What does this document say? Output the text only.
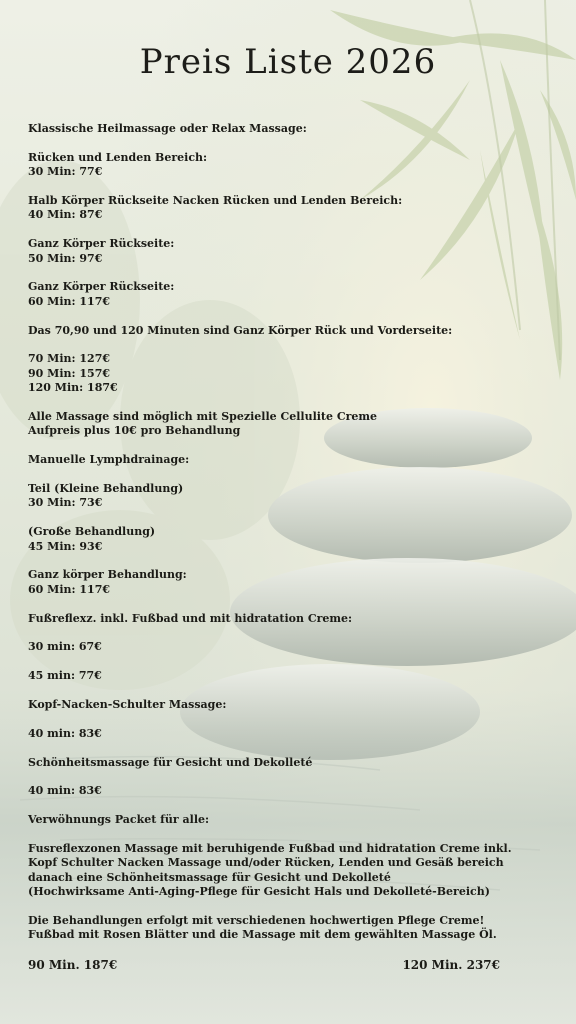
Preis Liste 2026
Klassische Heilmassage oder Relax Massage:
Rücken und Lenden Bereich:
30 Min: 77€
Halb Körper Rückseite Nacken Rücken und Lenden Bereich:
40 Min: 87€
Ganz Körper Rückseite:
50 Min: 97€
Ganz Körper Rückseite:
60 Min: 117€
Das 70,90 und 120 Minuten sind Ganz Körper Rück und Vorderseite:
70 Min: 127€
90 Min: 157€
120 Min: 187€
Alle Massage sind möglich mit Spezielle Cellulite Creme
Aufpreis plus 10€ pro Behandlung
Manuelle Lymphdrainage:
Teil (Kleine Behandlung)
30 Min: 73€
(Große Behandlung)
45 Min: 93€
Ganz körper Behandlung:
60 Min: 117€
Fußreflexz. inkl. Fußbad und mit hidratation Creme:
30 min: 67€
45 min: 77€
Kopf-Nacken-Schulter Massage:
40 min: 83€
Schönheitsmassage für Gesicht und Dekolleté
40 min: 83€
Verwöhnungs Packet für alle:
Fusreflexzonen Massage mit beruhigende Fußbad und hidratation Creme inkl.
Kopf Schulter Nacken Massage und/oder Rücken, Lenden und Gesäß bereich
danach eine Schönheitsmassage für Gesicht und Dekolleté
(Hochwirksame Anti-Aging-Pflege für Gesicht Hals und Dekolleté-Bereich)
Die Behandlungen erfolgt mit verschiedenen hochwertigen Pflege Creme!
Fußbad mit Rosen Blätter und die Massage mit dem gewählten Massage Öl.
90 Min. 187€	120 Min. 237€
